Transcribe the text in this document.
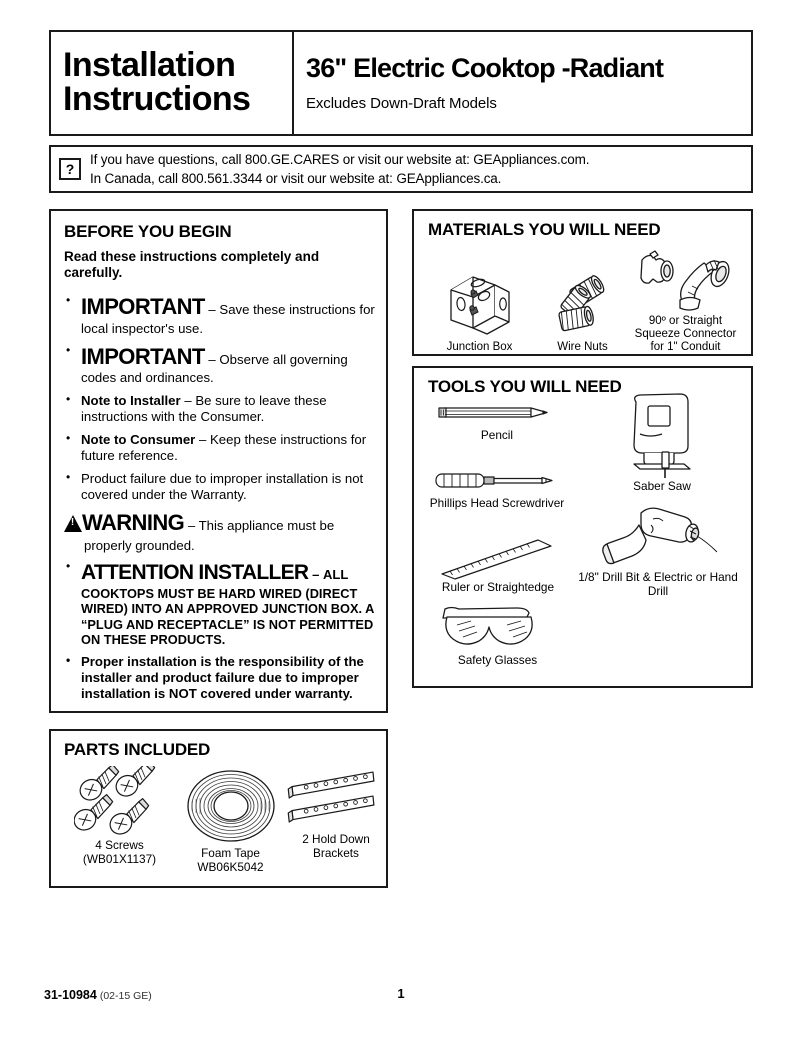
Installation
Instructions
36" Electric Cooktop -Radiant
Excludes Down-Draft Models
?
If you have questions, call 800.GE.CARES or visit our website at: GEAppliances.com.
In Canada, call 800.561.3344 or visit our website at: GEAppliances.ca.
BEFORE YOU BEGIN
Read these instructions completely and carefully.
• IMPORTANT – Save these instructions for local inspector's use.
• IMPORTANT – Observe all governing codes and ordinances.
• Note to Installer – Be sure to leave these instructions with the Consumer.
• Note to Consumer – Keep these instructions for future reference.
• Product failure due to improper installation is not covered under the Warranty.
!WARNING – This appliance must be
properly grounded.
• ATTENTION INSTALLER – ALL
COOKTOPS MUST BE HARD WIRED (DIRECT WIRED) INTO AN APPROVED JUNCTION BOX. A “PLUG AND RECEPTACLE” IS NOT PERMITTED ON THESE PRODUCTS.
• Proper installation is the responsibility of the installer and product failure due to improper installation is NOT covered under warranty.
MATERIALS YOU WILL NEED
Junction Box	Wire Nuts
90º or Straight Squeeze Connector for 1" Conduit
TOOLS YOU WILL NEED
Pencil
Phillips Head Screwdriver
Ruler or Straightedge
Safety Glasses
Saber Saw
1/8" Drill Bit & Electric or Hand Drill
PARTS INCLUDED
4 Screws
(WB01X1137)	Foam Tape
WB06K5042
2 Hold Down
Brackets
31-10984 (02-15 GE)	1
